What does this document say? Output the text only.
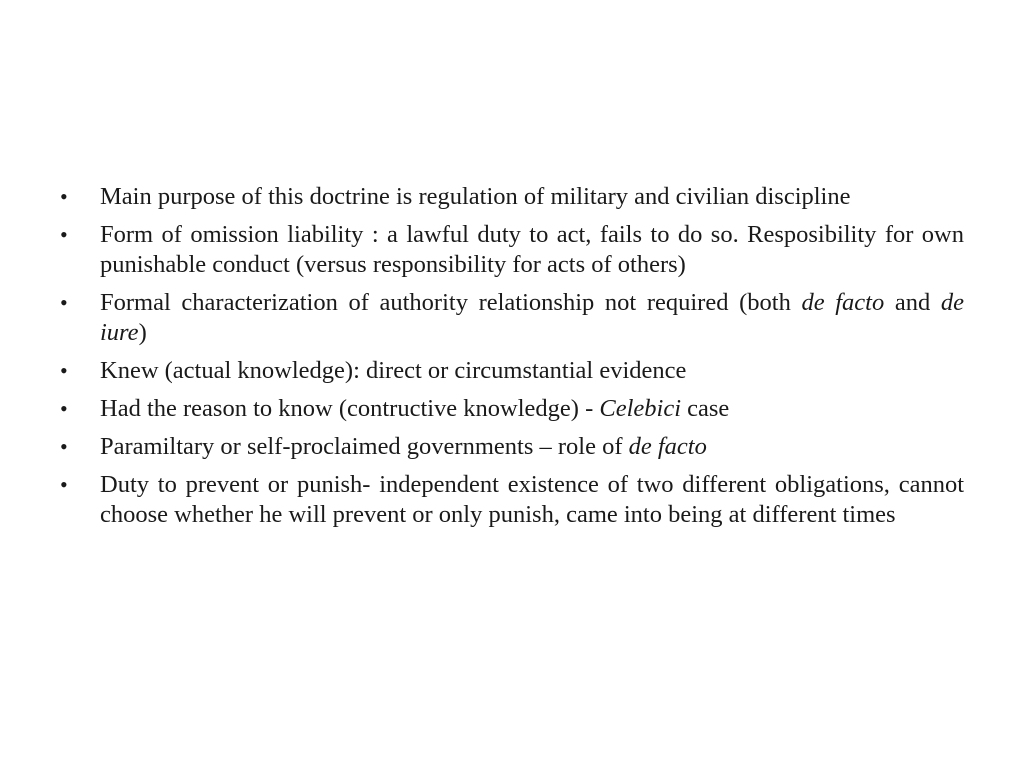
• Main purpose of this doctrine is regulation of military and civilian discipline
• Form of omission liability : a lawful duty to act, fails to do so. Resposibility for own punishable conduct (versus responsibility for acts of others)
• Formal characterization of authority relationship not required (both de facto and de iure)
• Knew (actual knowledge): direct or circumstantial evidence
• Had the reason to know (contructive knowledge) - Celebici case
• Paramiltary or self-proclaimed governments – role of de facto
• Duty to prevent or punish- independent existence of two different obligations, cannot choose whether he will prevent or only punish, came into being at different times
